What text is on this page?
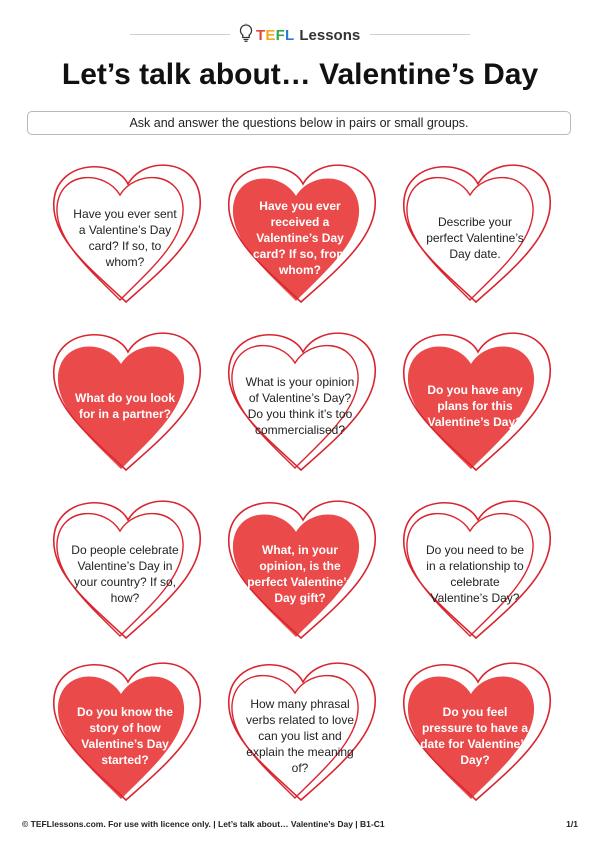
TEFL Lessons
Let’s talk about… Valentine’s Day
Ask and answer the questions below in pairs or small groups.
Have you ever sent a Valentine’s Day card? If so, to whom?
Have you ever received a Valentine’s Day card? If so, from whom?
Describe your perfect Valentine’s Day date.
What do you look for in a partner?
What is your opinion of Valentine’s Day? Do you think it’s too commercialised?
Do you have any plans for this Valentine’s Day?
Do people celebrate Valentine’s Day in your country? If so, how?
What, in your opinion, is the perfect Valentine’s Day gift?
Do you need to be in a relationship to celebrate Valentine’s Day?
Do you know the story of how Valentine’s Day started?
How many phrasal verbs related to love can you list and explain the meaning of?
Do you feel pressure to have a date for Valentine’s Day?
© TEFLlessons.com. For use with licence only. | Let’s talk about… Valentine’s Day | B1-C1	1/1
